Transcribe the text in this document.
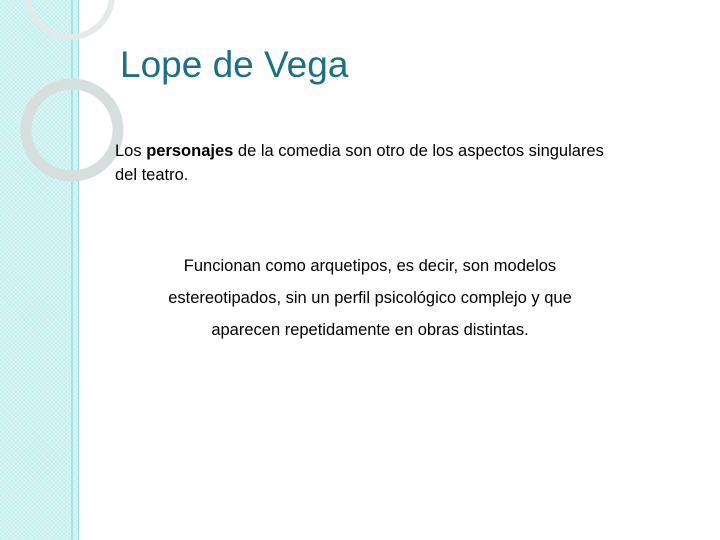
Lope de Vega
Los personajes de la comedia son otro de los aspectos singulares del teatro.
Funcionan como arquetipos, es decir, son modelos
estereotipados, sin un perfil psicológico complejo y que
aparecen repetidamente en obras distintas.
